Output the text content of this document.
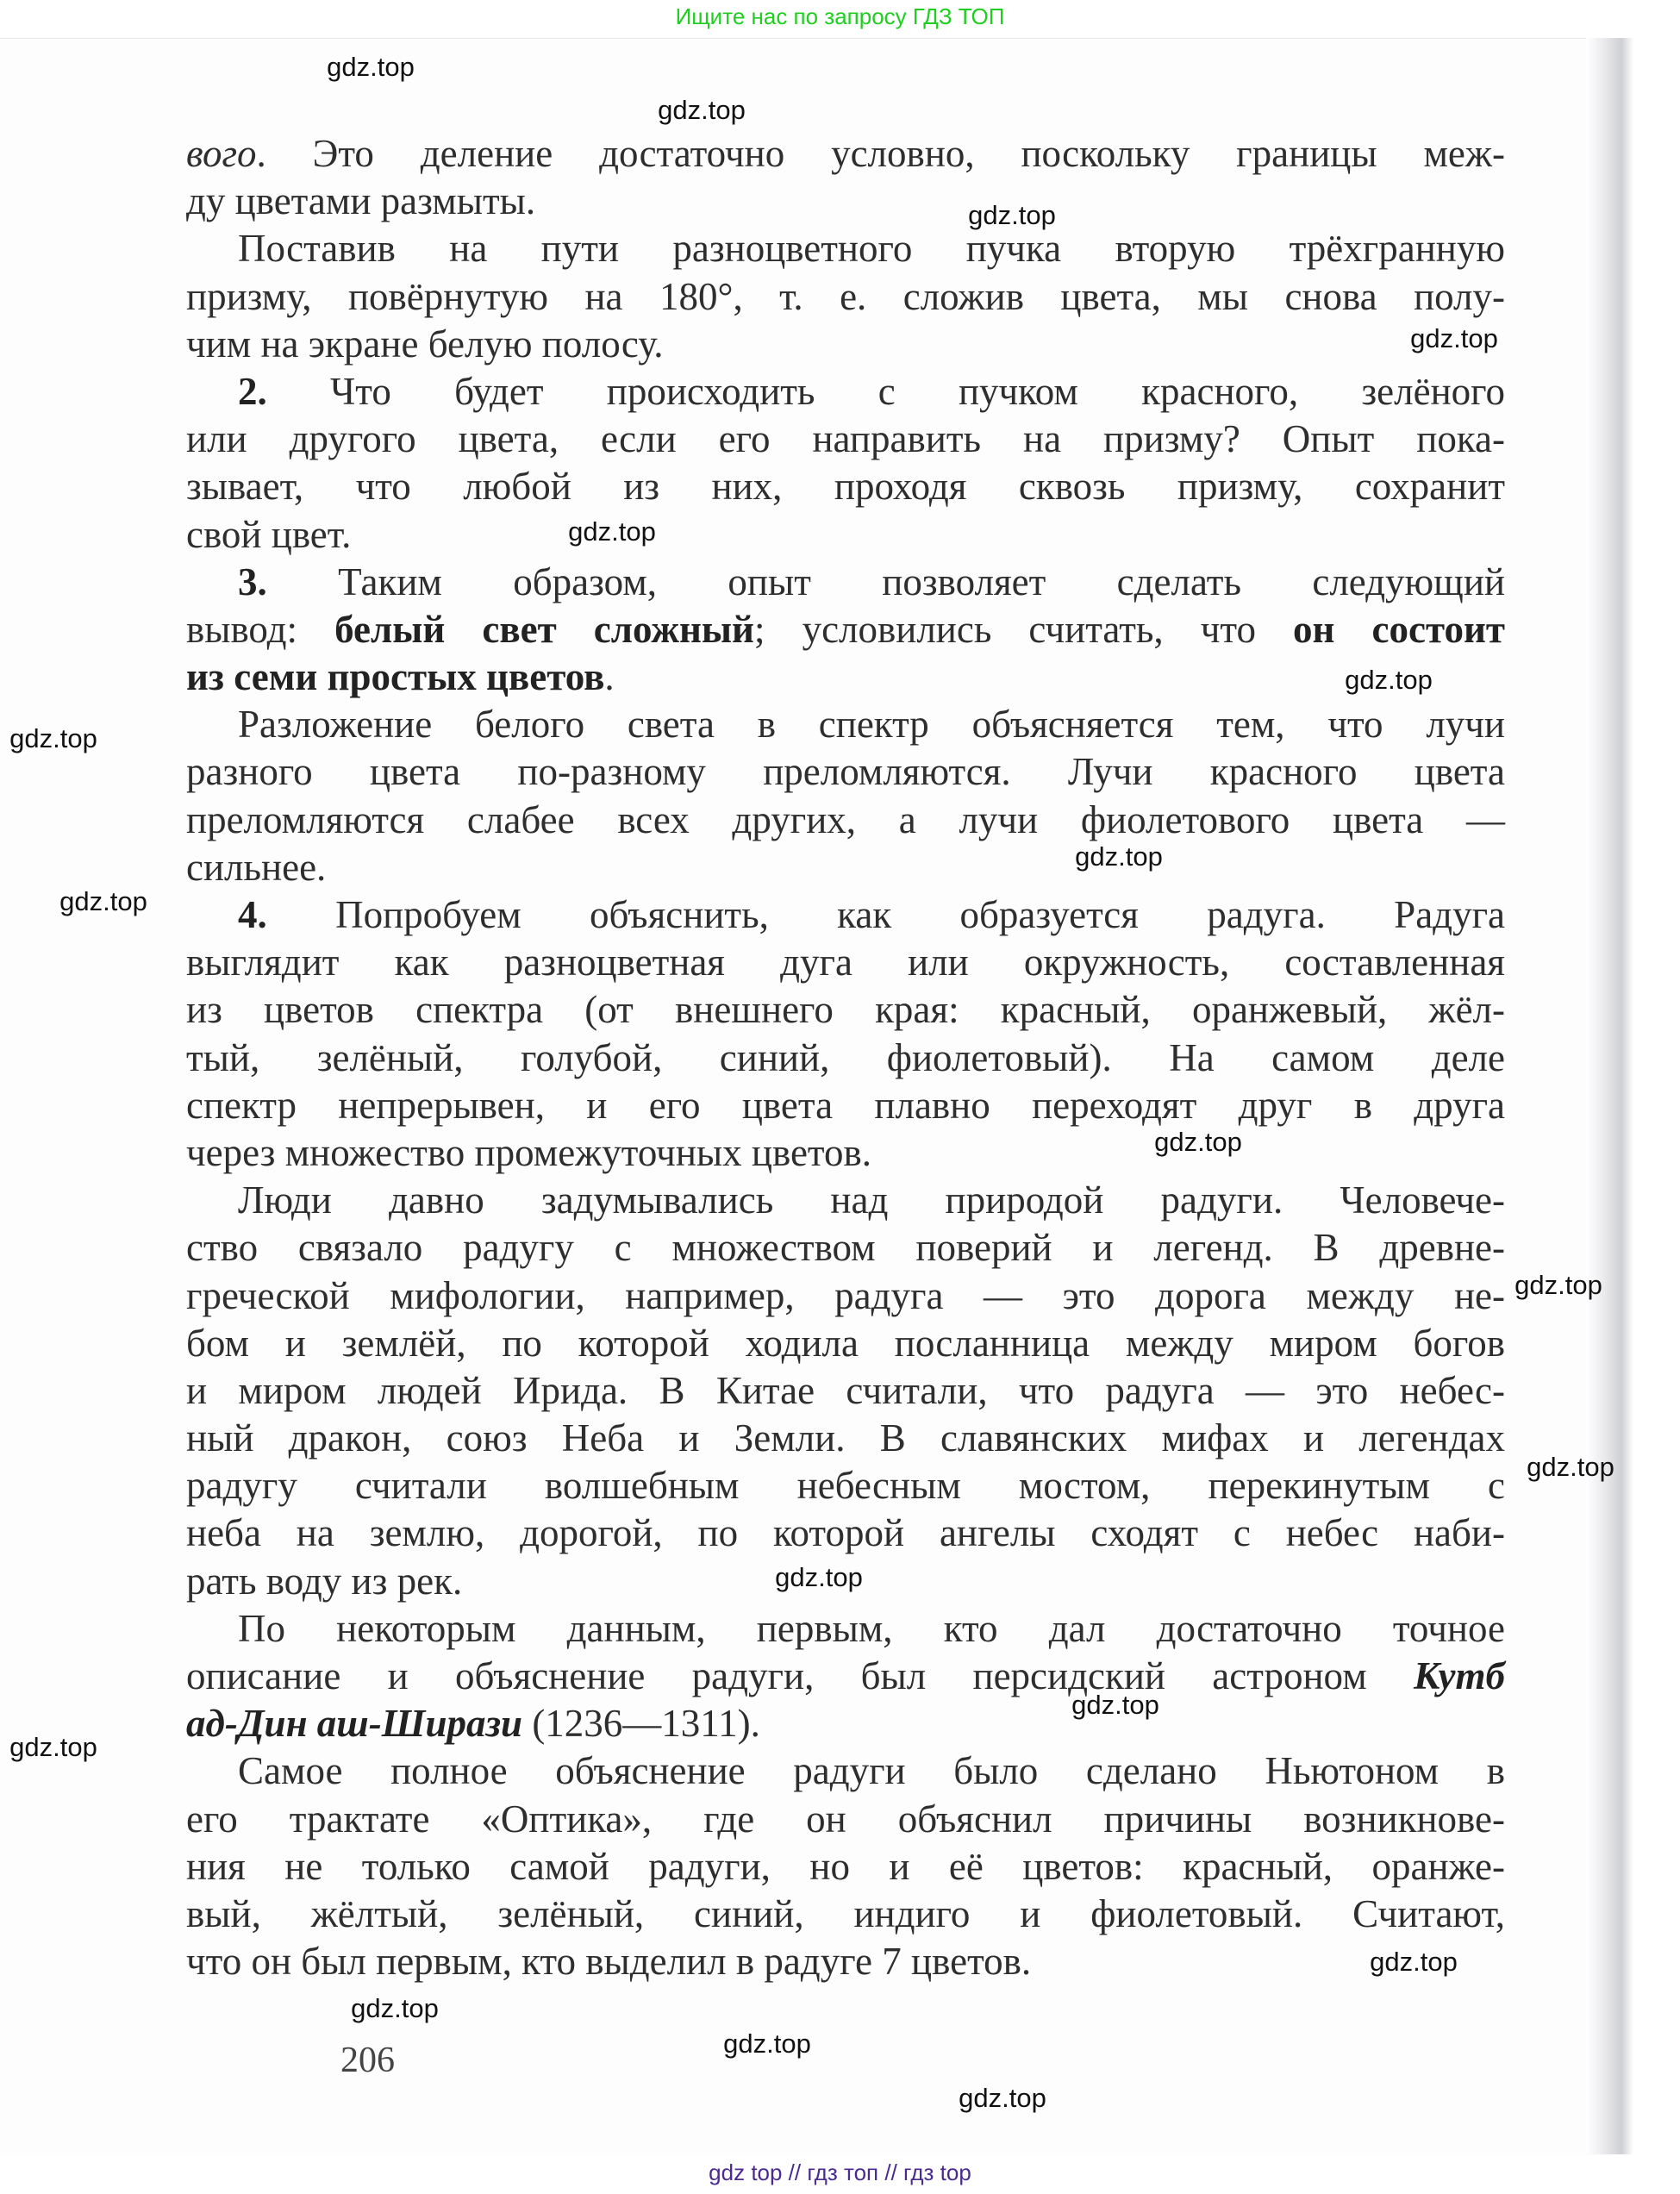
Ищите нас по запросу ГДЗ ТОП
вого. Это деление достаточно условно, поскольку границы меж-
ду цветами размыты.
Поставив на пути разноцветного пучка вторую трёхгранную
призму, повёрнутую на 180°, т. е. сложив цвета, мы снова полу-
чим на экране белую полосу.
2. Что будет происходить с пучком красного, зелёного
или другого цвета, если его направить на призму? Опыт пока-
зывает, что любой из них, проходя сквозь призму, сохранит
свой цвет.
3. Таким образом, опыт позволяет сделать следующий
вывод: белый свет сложный; условились считать, что он состоит
из семи простых цветов.
Разложение белого света в спектр объясняется тем, что лучи
разного цвета по-разному преломляются. Лучи красного цвета
преломляются слабее всех других, а лучи фиолетового цвета —
сильнее.
4. Попробуем объяснить, как образуется радуга. Радуга
выглядит как разноцветная дуга или окружность, составленная
из цветов спектра (от внешнего края: красный, оранжевый, жёл-
тый, зелёный, голубой, синий, фиолетовый). На самом деле
спектр непрерывен, и его цвета плавно переходят друг в друга
через множество промежуточных цветов.
Люди давно задумывались над природой радуги. Человече-
ство связало радугу с множеством поверий и легенд. В древне-
греческой мифологии, например, радуга — это дорога между не-
бом и землёй, по которой ходила посланница между миром богов
и миром людей Ирида. В Китае считали, что радуга — это небес-
ный дракон, союз Неба и Земли. В славянских мифах и легендах
радугу считали волшебным небесным мостом, перекинутым с
неба на землю, дорогой, по которой ангелы сходят с небес наби-
рать воду из рек.
По некоторым данным, первым, кто дал достаточно точное
описание и объяснение радуги, был персидский астроном Кутб
ад-Дин аш-Ширази (1236—1311).
Самое полное объяснение радуги было сделано Ньютоном в
его трактате «Оптика», где он объяснил причины возникнове-
ния не только самой радуги, но и её цветов: красный, оранже-
вый, жёлтый, зелёный, синий, индиго и фиолетовый. Считают,
что он был первым, кто выделил в радуге 7 цветов.
206
gdz.top
gdz.top
gdz.top
gdz.top
gdz.top
gdz.top
gdz.top
gdz.top
gdz.top
gdz.top
gdz.top
gdz.top
gdz.top
gdz.top
gdz.top
gdz.top
gdz.top
gdz.top
gdz.top
gdz top // гдз топ // гдз top
